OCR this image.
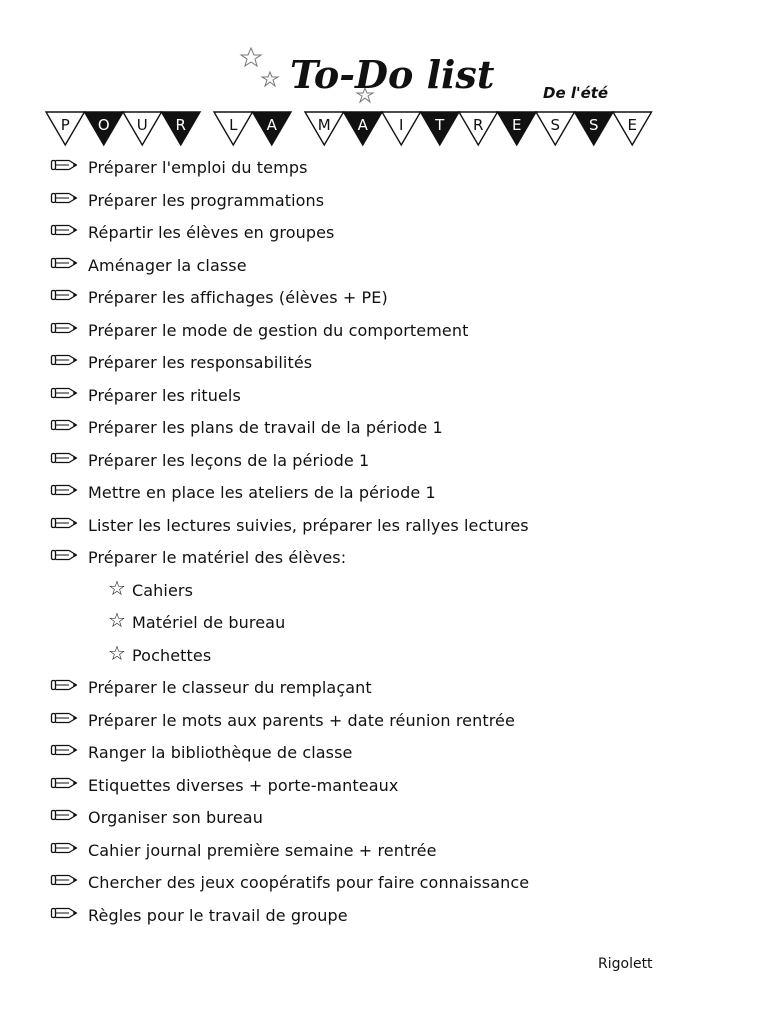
To-Do list	De l'été
P O U R	L A	M A I T R E S S E
Préparer l'emploi du temps
Préparer les programmations
Répartir les élèves en groupes
Aménager la classe
Préparer les affichages (élèves + PE)
Préparer le mode de gestion du comportement
Préparer les responsabilités
Préparer les rituels
Préparer les plans de travail de la période 1
Préparer les leçons de la période 1
Mettre en place les ateliers de la période 1
Lister les lectures suivies, préparer les rallyes lectures
Préparer le matériel des élèves:
☆ Cahiers
☆ Matériel de bureau
☆ Pochettes
Préparer le classeur du remplaçant
Préparer le mots aux parents + date réunion rentrée
Ranger la bibliothèque de classe
Etiquettes diverses + porte-manteaux
Organiser son bureau
Cahier journal première semaine + rentrée
Chercher des jeux coopératifs pour faire connaissance
Règles pour le travail de groupe
Rigolett
